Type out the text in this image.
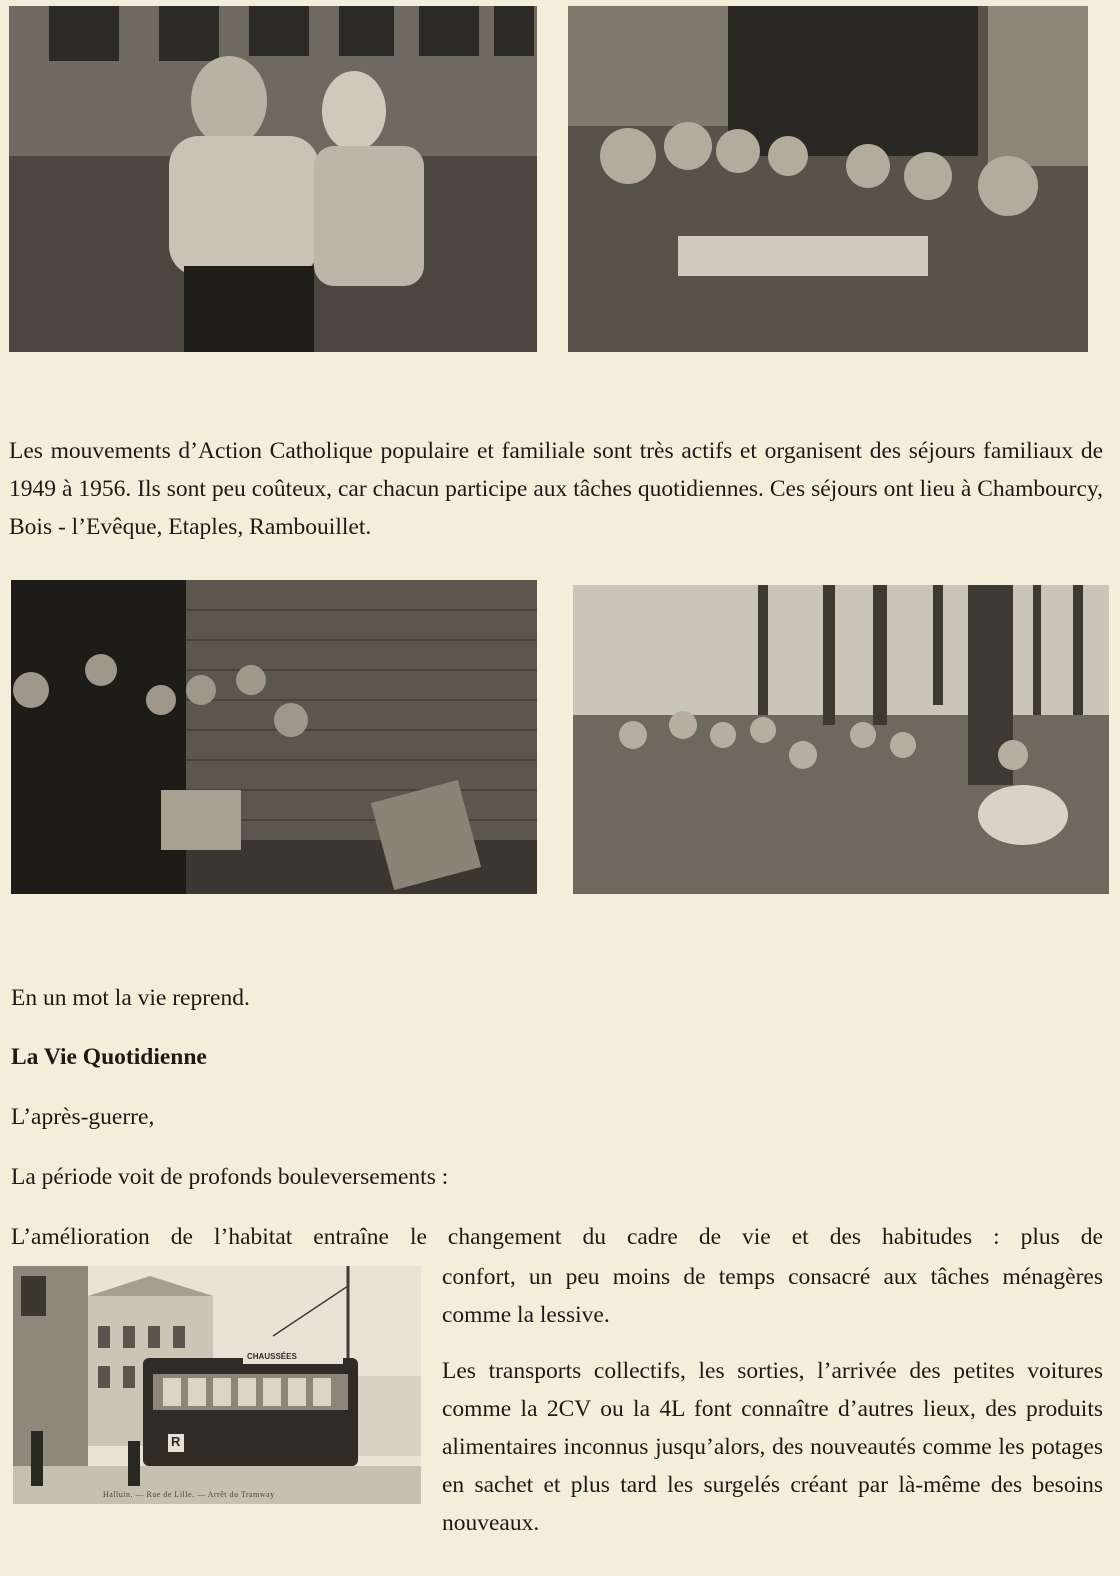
Les mouvements d’Action Catholique populaire et familiale sont très actifs et organisent des séjours familiaux de 1949 à 1956. Ils sont peu coûteux, car chacun participe aux tâches quotidiennes. Ces séjours ont lieu à Chambourcy, Bois - l’Evêque, Etaples, Rambouillet.
En un mot la vie reprend.
La Vie Quotidienne
L’après-guerre,
La période voit de profonds bouleversements :
L’amélioration de l’habitat entraîne le changement du cadre de vie et des habitudes : plus de
CHAUSSÉES
R
Halluin. — Rue de Lille. — Arrêt du Tramway
confort, un peu moins de temps consacré aux tâches ménagères comme la lessive.
Les transports collectifs, les sorties, l’arrivée des petites voitures comme la 2CV ou la 4L font connaître d’autres lieux, des produits alimentaires inconnus jusqu’alors, des nouveautés comme les potages en sachet et plus tard les surgelés créant par là-même des besoins nouveaux.
